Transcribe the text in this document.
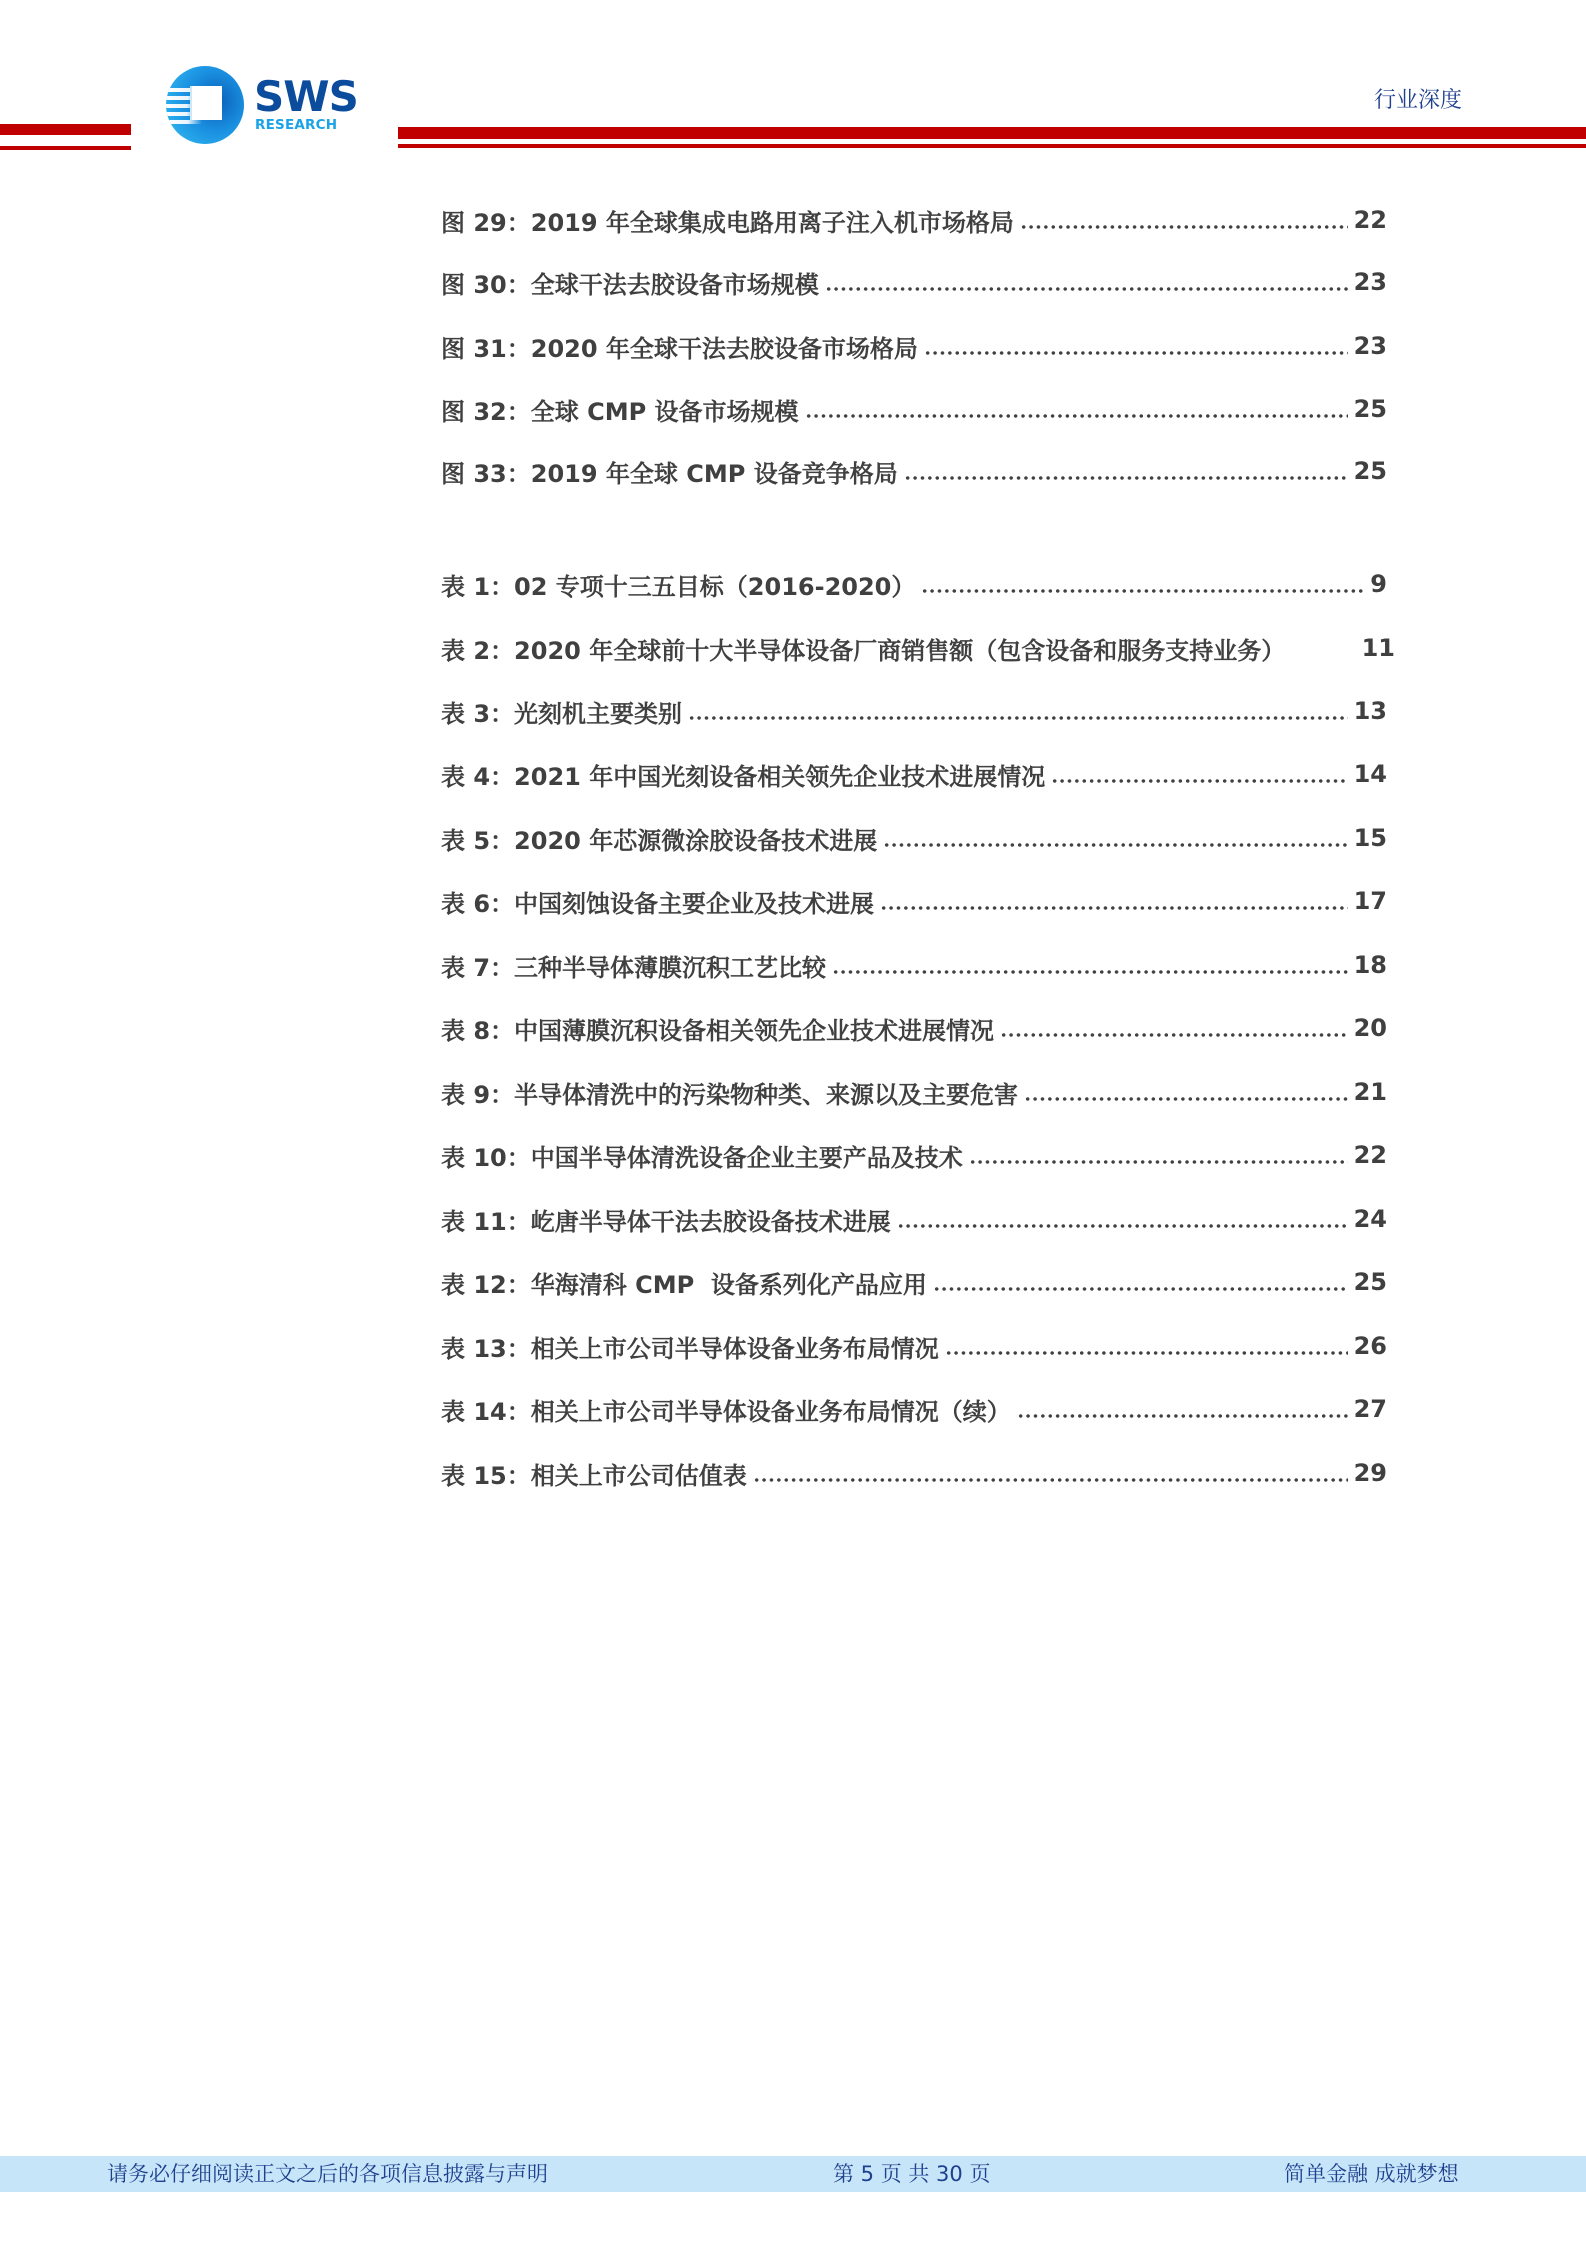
SWS
RESEARCH
行业深度
图 29：2019 年全球集成电路用离子注入机市场格局	22
图 30：全球干法去胶设备市场规模	23
图 31：2020 年全球干法去胶设备市场格局	23
图 32：全球 CMP 设备市场规模	25
图 33：2019 年全球 CMP 设备竞争格局	25
表 1：02 专项十三五目标（2016-2020）	9
表 2：2020 年全球前十大半导体设备厂商销售额（包含设备和服务支持业务）	11
表 3：光刻机主要类别	13
表 4：2021 年中国光刻设备相关领先企业技术进展情况	14
表 5：2020 年芯源微涂胶设备技术进展	15
表 6：中国刻蚀设备主要企业及技术进展	17
表 7：三种半导体薄膜沉积工艺比较	18
表 8：中国薄膜沉积设备相关领先企业技术进展情况	20
表 9：半导体清洗中的污染物种类、来源以及主要危害	21
表 10：中国半导体清洗设备企业主要产品及技术	22
表 11：屹唐半导体干法去胶设备技术进展	24
表 12：华海清科 CMP  设备系列化产品应用	25
表 13：相关上市公司半导体设备业务布局情况	26
表 14：相关上市公司半导体设备业务布局情况（续）	27
表 15：相关上市公司估值表	29
请务必仔细阅读正文之后的各项信息披露与声明	第 5 页 共 30 页	简单金融 成就梦想
